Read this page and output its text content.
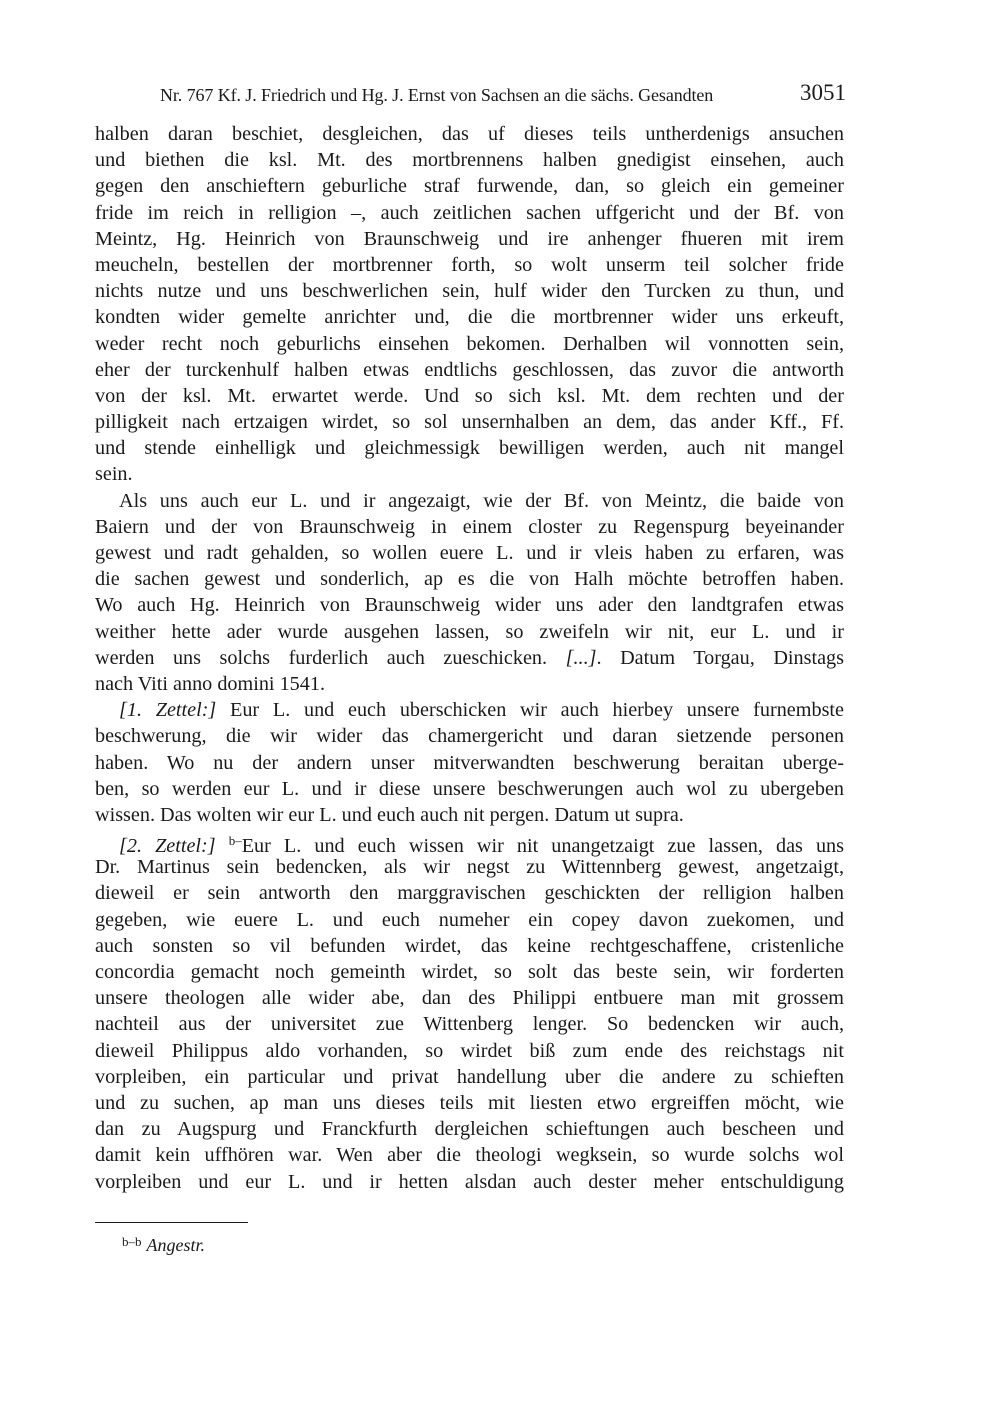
Nr. 767 Kf. J. Friedrich und Hg. J. Ernst von Sachsen an die sächs. Gesandten	3051
halben daran beschiet, desgleichen, das uf dieses teils untherdenigs ansuchen
und biethen die ksl. Mt. des mortbrennens halben gnedigist einsehen, auch
gegen den anschieftern geburliche straf furwende, dan, so gleich ein gemeiner
fride im reich in relligion –, auch zeitlichen sachen uffgericht und der Bf. von
Meintz, Hg. Heinrich von Braunschweig und ire anhenger fhueren mit irem
meucheln, bestellen der mortbrenner forth, so wolt unserm teil solcher fride
nichts nutze und uns beschwerlichen sein, hulf wider den Turcken zu thun, und
kondten wider gemelte anrichter und, die die mortbrenner wider uns erkeuft,
weder recht noch geburlichs einsehen bekomen. Derhalben wil vonnotten sein,
eher der turckenhulf halben etwas endtlichs geschlossen, das zuvor die antworth
von der ksl. Mt. erwartet werde. Und so sich ksl. Mt. dem rechten und der
pilligkeit nach ertzaigen wirdet, so sol unsernhalben an dem, das ander Kff., Ff.
und stende einhelligk und gleichmessigk bewilligen werden, auch nit mangel
sein.
Als uns auch eur L. und ir angezaigt, wie der Bf. von Meintz, die baide von
Baiern und der von Braunschweig in einem closter zu Regenspurg beyeinander
gewest und radt gehalden, so wollen euere L. und ir vleis haben zu erfaren, was
die sachen gewest und sonderlich, ap es die von Halh möchte betroffen haben.
Wo auch Hg. Heinrich von Braunschweig wider uns ader den landtgrafen etwas
weither hette ader wurde ausgehen lassen, so zweifeln wir nit, eur L. und ir
werden uns solchs furderlich auch zueschicken. [...]. Datum Torgau, Dinstags
nach Viti anno domini 1541.
[1. Zettel:] Eur L. und euch uberschicken wir auch hierbey unsere furnembste
beschwerung, die wir wider das chamergericht und daran sietzende personen
haben. Wo nu der andern unser mitverwandten beschwerung beraitan uberge-
ben, so werden eur L. und ir diese unsere beschwerungen auch wol zu ubergeben
wissen. Das wolten wir eur L. und euch auch nit pergen. Datum ut supra.
[2. Zettel:] $^{b-}$Eur L. und euch wissen wir nit unangetzaigt zue lassen, das uns
Dr. Martinus sein bedencken, als wir negst zu Wittennberg gewest, angetzaigt,
dieweil er sein antworth den marggravischen geschickten der relligion halben
gegeben, wie euere L. und euch numeher ein copey davon zuekomen, und
auch sonsten so vil befunden wirdet, das keine rechtgeschaffene, cristenliche
concordia gemacht noch gemeinth wirdet, so solt das beste sein, wir forderten
unsere theologen alle wider abe, dan des Philippi entbuere man mit grossem
nachteil aus der universitet zue Wittenberg lenger. So bedencken wir auch,
dieweil Philippus aldo vorhanden, so wirdet biß zum ende des reichstags nit
vorpleiben, ein particular und privat handellung uber die andere zu schieften
und zu suchen, ap man uns dieses teils mit liesten etwo ergreiffen möcht, wie
dan zu Augspurg und Franckfurth dergleichen schieftungen auch bescheen und
damit kein uffhören war. Wen aber die theologi wegksein, so wurde solchs wol
vorpleiben und eur L. und ir hetten alsdan auch dester meher entschuldigung
$^{b-b}$ Angestr.
